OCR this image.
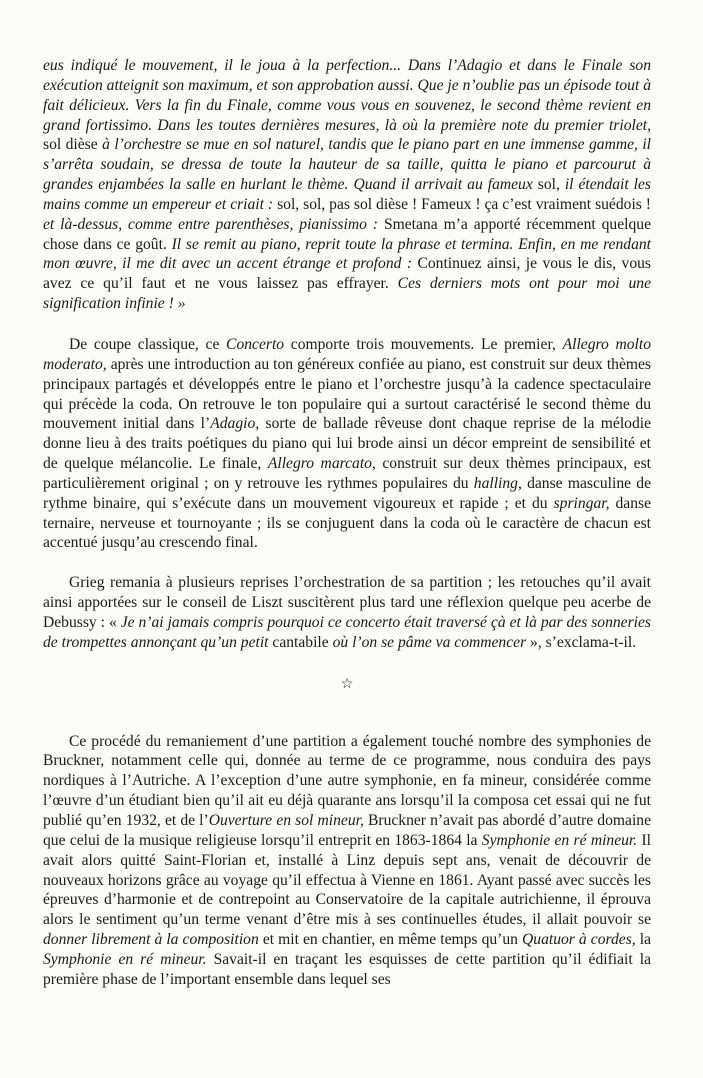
eus indiqué le mouvement, il le joua à la perfection... Dans l’Adagio et dans le Finale son exécution atteignit son maximum, et son approbation aussi. Que je n’oublie pas un épisode tout à fait délicieux. Vers la fin du Finale, comme vous vous en souvenez, le second thème revient en grand fortissimo. Dans les toutes dernières mesures, là où la première note du premier triolet, sol dièse à l’orchestre se mue en sol naturel, tandis que le piano part en une immense gamme, il s’arrêta soudain, se dressa de toute la hauteur de sa taille, quitta le piano et parcourut à grandes enjambées la salle en hurlant le thème. Quand il arrivait au fameux sol, il étendait les mains comme un empereur et criait : sol, sol, pas sol dièse ! Fameux ! ça c’est vraiment suédois ! et là-dessus, comme entre parenthèses, pianissimo : Smetana m’a apporté récemment quelque chose dans ce goût. Il se remit au piano, reprit toute la phrase et termina. Enfin, en me rendant mon œuvre, il me dit avec un accent étrange et profond : Continuez ainsi, je vous le dis, vous avez ce qu’il faut et ne vous laissez pas effrayer. Ces derniers mots ont pour moi une signification infinie ! »

De coupe classique, ce Concerto comporte trois mouvements. Le premier, Allegro molto moderato, après une introduction au ton généreux confiée au piano, est construit sur deux thèmes principaux partagés et développés entre le piano et l’orchestre jusqu’à la cadence spectaculaire qui précède la coda. On retrouve le ton populaire qui a surtout caractérisé le second thème du mouvement initial dans l’Adagio, sorte de ballade rêveuse dont chaque reprise de la mélodie donne lieu à des traits poétiques du piano qui lui brode ainsi un décor empreint de sensibilité et de quelque mélancolie. Le finale, Allegro marcato, construit sur deux thèmes principaux, est particulièrement original ; on y retrouve les rythmes populaires du halling, danse masculine de rythme binaire, qui s’exécute dans un mouvement vigoureux et rapide ; et du springar, danse ternaire, nerveuse et tournoyante ; ils se conjuguent dans la coda où le caractère de chacun est accentué jusqu’au crescendo final.

Grieg remania à plusieurs reprises l’orchestration de sa partition ; les retouches qu’il avait ainsi apportées sur le conseil de Liszt suscitèrent plus tard une réflexion quelque peu acerbe de Debussy : « Je n’ai jamais compris pourquoi ce concerto était traversé çà et là par des sonneries de trompettes annonçant qu’un petit cantabile où l’on se pâme va commencer », s’exclama-t-il.

☆

Ce procédé du remaniement d’une partition a également touché nombre des symphonies de Bruckner, notamment celle qui, donnée au terme de ce programme, nous conduira des pays nordiques à l’Autriche. A l’exception d’une autre symphonie, en fa mineur, considérée comme l’œuvre d’un étudiant bien qu’il ait eu déjà quarante ans lorsqu’il la composa cet essai qui ne fut publié qu’en 1932, et de l’Ouverture en sol mineur, Bruckner n’avait pas abordé d’autre domaine que celui de la musique religieuse lorsqu’il entreprit en 1863-1864 la Symphonie en ré mineur. Il avait alors quitté Saint-Florian et, installé à Linz depuis sept ans, venait de découvrir de nouveaux horizons grâce au voyage qu’il effectua à Vienne en 1861. Ayant passé avec succès les épreuves d’harmonie et de contrepoint au Conservatoire de la capitale autrichienne, il éprouva alors le sentiment qu’un terme venant d’être mis à ses continuelles études, il allait pouvoir se donner librement à la composition et mit en chantier, en même temps qu’un Quatuor à cordes, la Symphonie en ré mineur. Savait-il en traçant les esquisses de cette partition qu’il édifiait la première phase de l’important ensemble dans lequel ses
